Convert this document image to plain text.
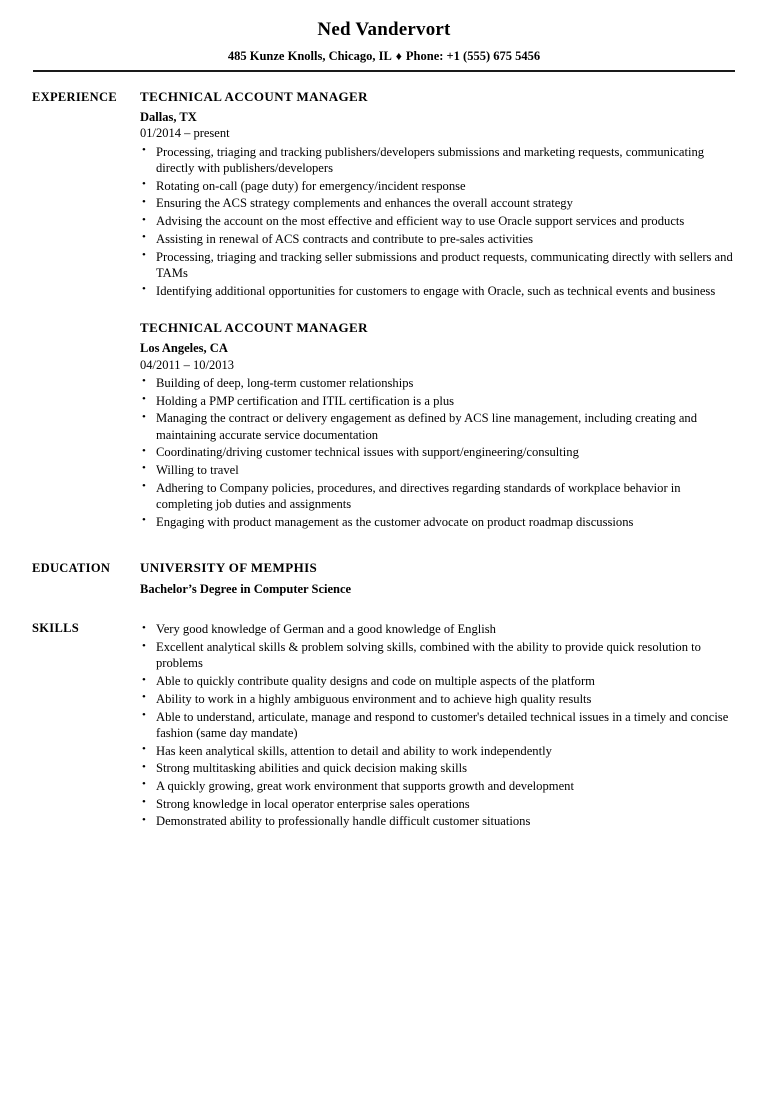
Ned Vandervort
485 Kunze Knolls, Chicago, IL ♦ Phone: +1 (555) 675 5456
EXPERIENCE	TECHNICAL ACCOUNT MANAGER
Dallas, TX
01/2014 – present
• Processing, triaging and tracking publishers/developers submissions and marketing requests, communicating directly with publishers/developers
• Rotating on-call (page duty) for emergency/incident response
• Ensuring the ACS strategy complements and enhances the overall account strategy
• Advising the account on the most effective and efficient way to use Oracle support services and products
• Assisting in renewal of ACS contracts and contribute to pre-sales activities
• Processing, triaging and tracking seller submissions and product requests, communicating directly with sellers and TAMs
• Identifying additional opportunities for customers to engage with Oracle, such as technical events and business
TECHNICAL ACCOUNT MANAGER
Los Angeles, CA
04/2011 – 10/2013
• Building of deep, long-term customer relationships
• Holding a PMP certification and ITIL certification is a plus
• Managing the contract or delivery engagement as defined by ACS line management, including creating and maintaining accurate service documentation
• Coordinating/driving customer technical issues with support/engineering/consulting
• Willing to travel
• Adhering to Company policies, procedures, and directives regarding standards of workplace behavior in completing job duties and assignments
• Engaging with product management as the customer advocate on product roadmap discussions
EDUCATION	UNIVERSITY OF MEMPHIS
Bachelor’s Degree in Computer Science
SKILLS	• Very good knowledge of German and a good knowledge of English
• Excellent analytical skills & problem solving skills, combined with the ability to provide quick resolution to problems
• Able to quickly contribute quality designs and code on multiple aspects of the platform
• Ability to work in a highly ambiguous environment and to achieve high quality results
• Able to understand, articulate, manage and respond to customer's detailed technical issues in a timely and concise fashion (same day mandate)
• Has keen analytical skills, attention to detail and ability to work independently
• Strong multitasking abilities and quick decision making skills
• A quickly growing, great work environment that supports growth and development
• Strong knowledge in local operator enterprise sales operations
• Demonstrated ability to professionally handle difficult customer situations
